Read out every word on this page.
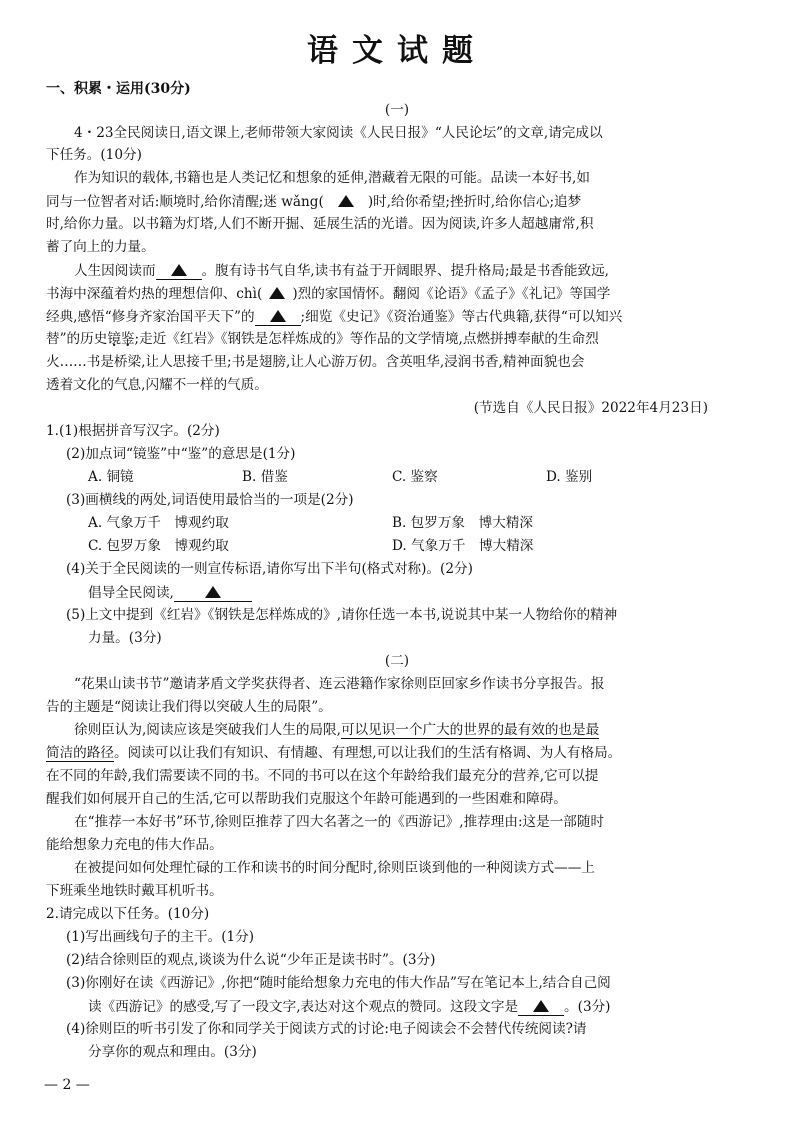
语文试题
一、积累・运用(30分)
(一)
4・23全民阅读日,语文课上,老师带领大家阅读《人民日报》“人民论坛”的文章,请完成以
下任务。(10分)
作为知识的载体,书籍也是人类记忆和想象的延伸,潜藏着无限的可能。品读一本好书,如
同与一位智者对话:顺境时,给你清醒;迷 wǎng(	)时,给你希望;挫折时,给你信心;追梦
时,给你力量。以书籍为灯塔,人们不断开掘、延展生活的光谱。因为阅读,许多人超越庸常,积
蓄了向上的力量。
人生因阅读而	。腹有诗书气自华,读书有益于开阔眼界、提升格局;最是书香能致远,
书海中深蕴着灼热的理想信仰、chì( )烈的家国情怀。翻阅《论语》《孟子》《礼记》等国学
经典,感悟“修身齐家治国平天下”的	;细览《史记》《资治通鉴》等古代典籍,获得“可以知兴
替”的历史镜鉴;走近《红岩》《钢铁是怎样炼成的》等作品的文学情境,点燃拼搏奉献的生命烈
火……书是桥梁,让人思接千里;书是翅膀,让人心游万仞。含英咀华,浸润书香,精神面貌也会
透着文化的气息,闪耀不一样的气质。
(节选自《人民日报》2022年4月23日)
1.(1)根据拼音写汉字。(2分)
(2)加点词“镜鉴”中“鉴”的意思是(1分)
A. 铜镜	B. 借鉴	C. 鉴察	D. 鉴别
(3)画横线的两处,词语使用最恰当的一项是(2分)
A. 气象万千　博观约取	B. 包罗万象　博大精深
C. 包罗万象　博观约取	D. 气象万千　博大精深
(4)关于全民阅读的一则宣传标语,请你写出下半句(格式对称)。(2分)
倡导全民阅读,
(5)上文中提到《红岩》《钢铁是怎样炼成的》,请你任选一本书,说说其中某一人物给你的精神
力量。(3分)
(二)
“花果山读书节”邀请茅盾文学奖获得者、连云港籍作家徐则臣回家乡作读书分享报告。报
告的主题是“阅读让我们得以突破人生的局限”。
徐则臣认为,阅读应该是突破我们人生的局限,可以见识一个广大的世界的最有效的也是最
简洁的路径。阅读可以让我们有知识、有情趣、有理想,可以让我们的生活有格调、为人有格局。
在不同的年龄,我们需要读不同的书。不同的书可以在这个年龄给我们最充分的营养,它可以提
醒我们如何展开自己的生活,它可以帮助我们克服这个年龄可能遇到的一些困难和障碍。
在“推荐一本好书”环节,徐则臣推荐了四大名著之一的《西游记》,推荐理由:这是一部随时
能给想象力充电的伟大作品。
在被提问如何处理忙碌的工作和读书的时间分配时,徐则臣谈到他的一种阅读方式——上
下班乘坐地铁时戴耳机听书。
2.请完成以下任务。(10分)
(1)写出画线句子的主干。(1分)
(2)结合徐则臣的观点,谈谈为什么说“少年正是读书时”。(3分)
(3)你刚好在读《西游记》,你把“随时能给想象力充电的伟大作品”写在笔记本上,结合自己阅
读《西游记》的感受,写了一段文字,表达对这个观点的赞同。这段文字是	。(3分)
(4)徐则臣的听书引发了你和同学关于阅读方式的讨论:电子阅读会不会替代传统阅读?请
分享你的观点和理由。(3分)
— 2 —
